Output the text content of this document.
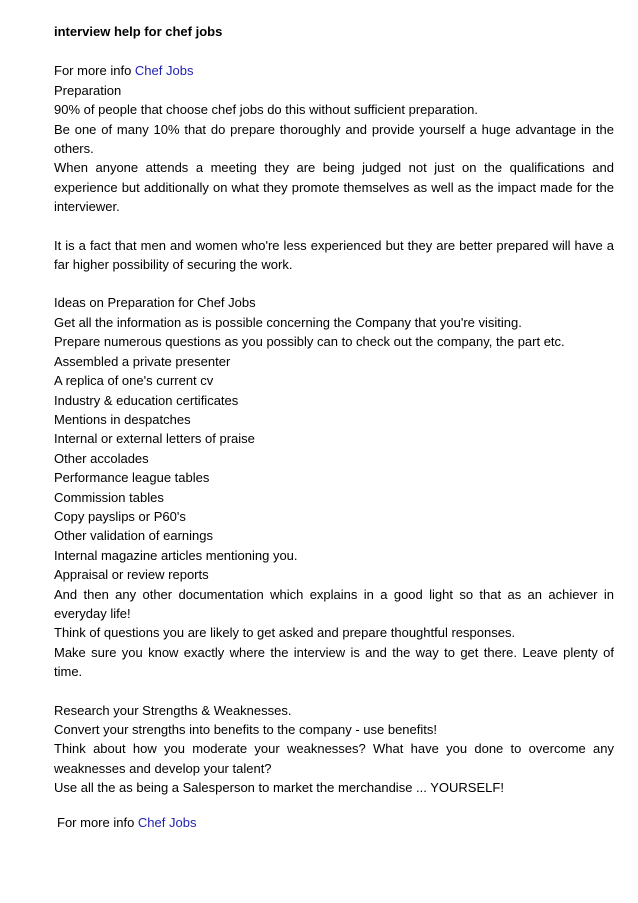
interview help for chef jobs

For more info Chef Jobs

Preparation

90% of people that choose chef jobs do this without sufficient preparation.

Be one of many 10% that do prepare thoroughly and provide yourself a huge advantage in the others.

When anyone attends a meeting they are being judged not just on the qualifications and experience but additionally on what they promote themselves as well as the impact made for the interviewer.

It is a fact that men and women who're less experienced but they are better prepared will have a far higher possibility of securing the work.

Ideas on Preparation for Chef Jobs

Get all the information as is possible concerning the Company that you're visiting.

Prepare numerous questions as you possibly can to check out the company, the part etc.

Assembled a private presenter

A replica of one's current cv

Industry & education certificates

Mentions in despatches

Internal or external letters of praise

Other accolades

Performance league tables

Commission tables

Copy payslips or P60's

Other validation of earnings

Internal magazine articles mentioning you.

Appraisal or review reports

And then any other documentation which explains in a good light so that as an achiever in everyday life!

Think of questions you are likely to get asked and prepare thoughtful responses.

Make sure you know exactly where the interview is and the way to get there. Leave plenty of time.

Research your Strengths & Weaknesses.

Convert your strengths into benefits to the company - use benefits!

Think about how you moderate your weaknesses? What have you done to overcome any weaknesses and develop your talent?

Use all the as being a Salesperson to market the merchandise ... YOURSELF!

For more info Chef Jobs
